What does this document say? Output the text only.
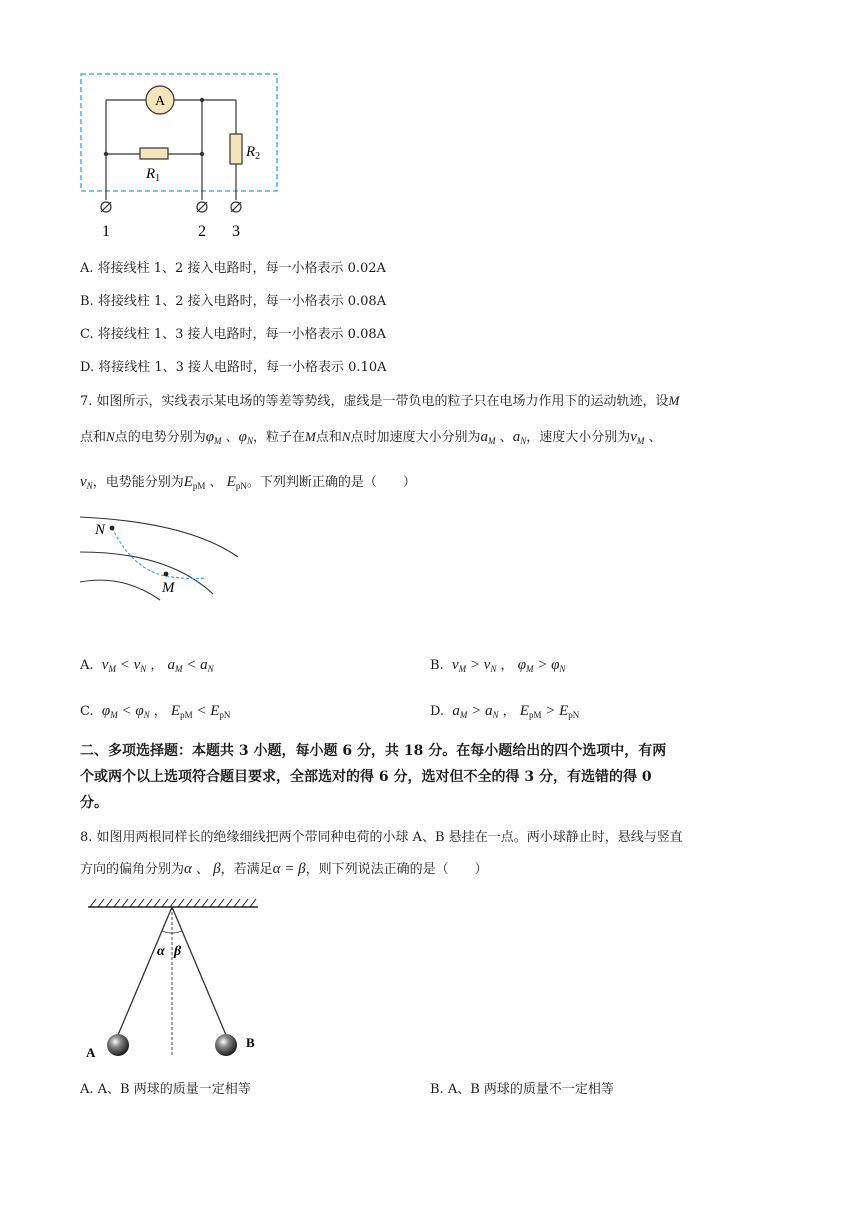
A
$R_1$
$R_2$
1	2 3
A. 将接线柱 1、2 接入电路时，每一小格表示 0.02A
B. 将接线柱 1、2 接入电路时，每一小格表示 0.08A
C. 将接线柱 1、3 接人电路时，每一小格表示 0.08A
D. 将接线柱 1、3 接人电路时，每一小格表示 0.10A
7. 如图所示，实线表示某电场的等差等势线，虚线是一带负电的粒子只在电场力作用下的运动轨迹，设M
点和N点的电势分别为$\varphi_M$ 、$\varphi_N$，粒子在M点和N点时加速度大小分别为$a_M$ 、$a_N$，速度大小分别为$v_M$ 、
$v_N$，电势能分别为$E_{pM}$ 、 $E_{pN}$。下列判断正确的是（　　）
N
M
A. $v_M < v_N$ ， $a_M < a_N$	B. $v_M > v_N$ ， $\varphi_M > \varphi_N$
C. $\varphi_M < \varphi_N$ ， $E_{pM} < E_{pN}$	D. $a_M > a_N$ ， $E_{pM} > E_{pN}$
二、多项选择题：本题共 3 小题，每小题 6 分，共 18 分。在每小题给出的四个选项中，有两
个或两个以上选项符合题目要求，全部选对的得 6 分，选对但不全的得 3 分，有选错的得 0
分。
8. 如图用两根同样长的绝缘细线把两个带同种电荷的小球 A、B 悬挂在一点。两小球静止时，悬线与竖直
方向的偏角分别为α 、 β，若满足α = β，则下列说法正确的是（　　）
α β
A
B
A. A、B 两球的质量一定相等	B. A、B 两球的质量不一定相等
